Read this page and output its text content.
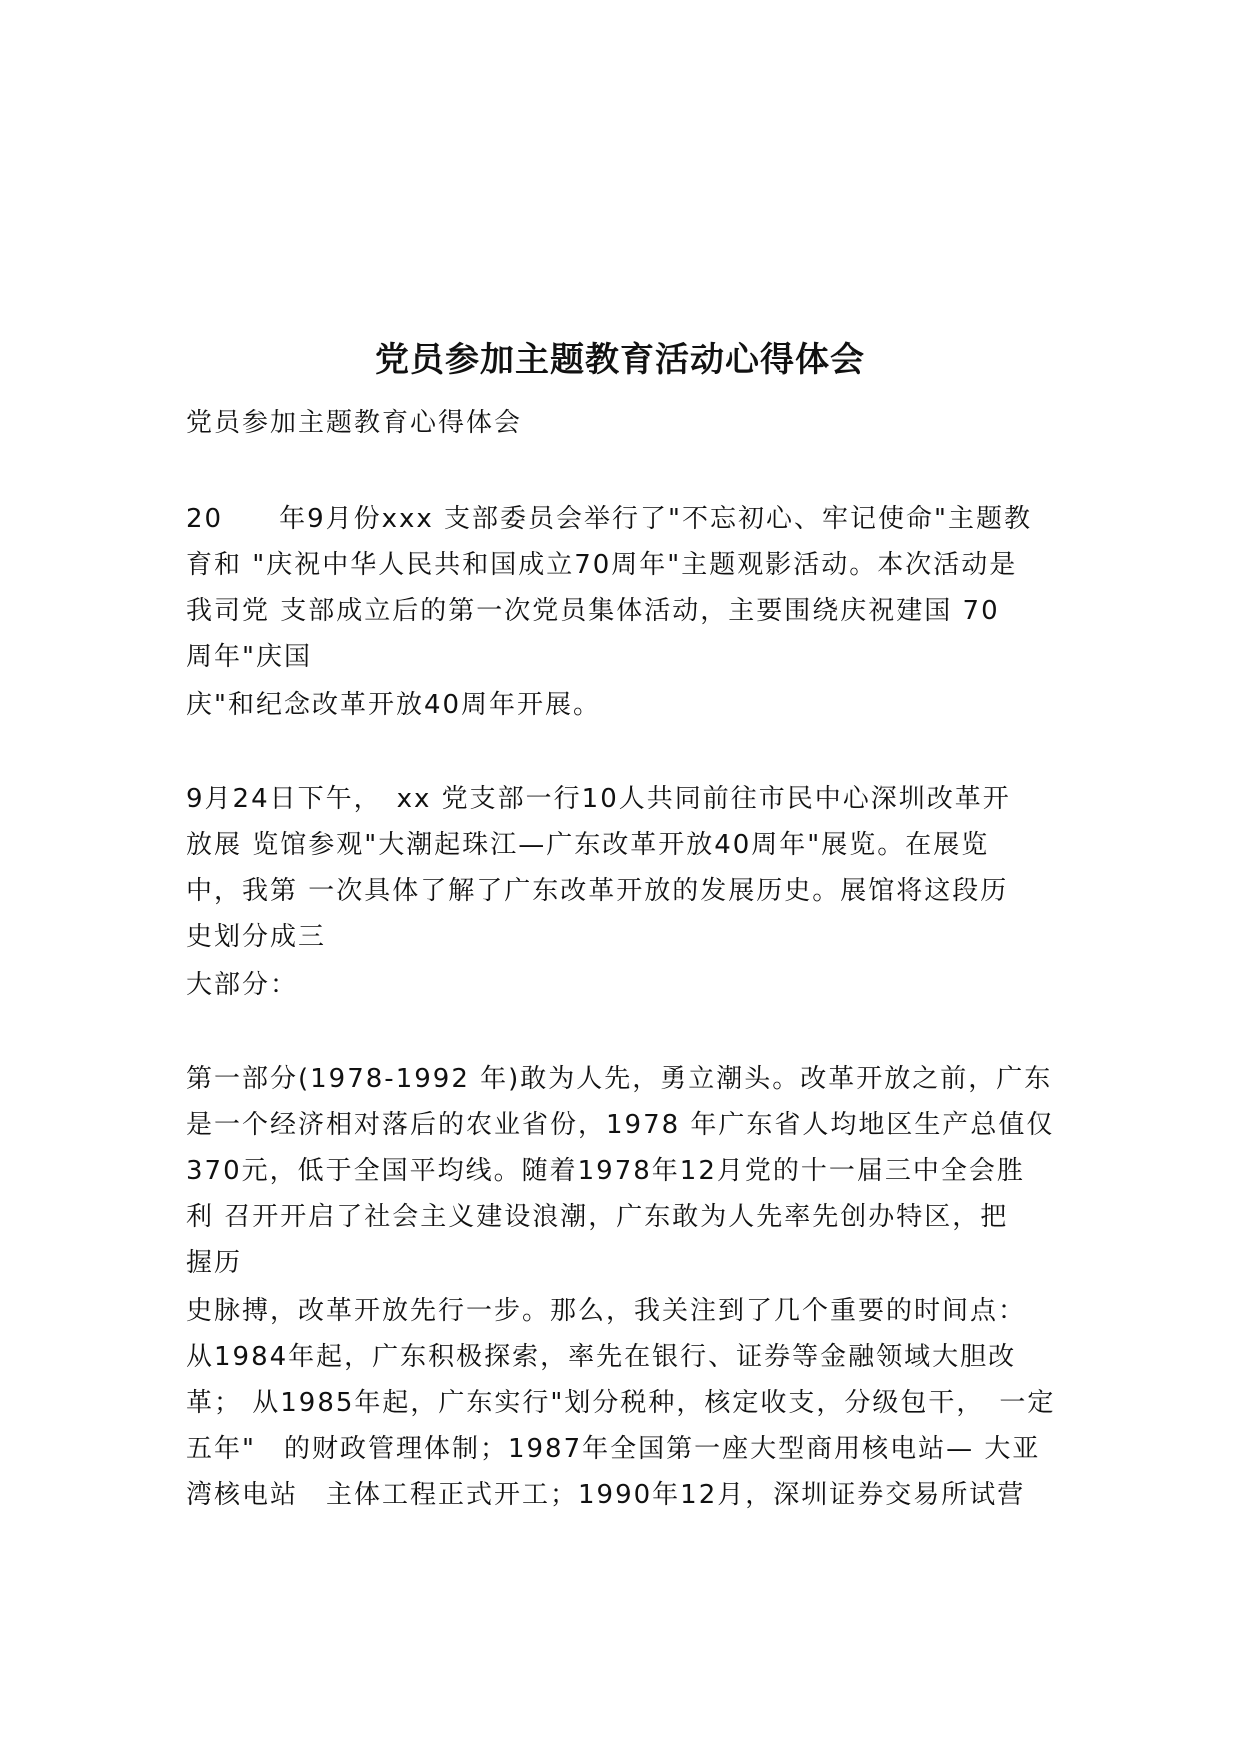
党员参加主题教育活动心得体会

党员参加主题教育心得体会

20　　年9月份xxx 支部委员会举行了"不忘初心、牢记使命"主题教
育和 "庆祝中华人民共和国成立70周年"主题观影活动。本次活动是
我司党 支部成立后的第一次党员集体活动，主要围绕庆祝建国 70
周年"庆国

庆"和纪念改革开放40周年开展。

9月24日下午，　xx 党支部一行10人共同前往市民中心深圳改革开
放展 览馆参观"大潮起珠江—广东改革开放40周年"展览。在展览
中，我第 一次具体了解了广东改革开放的发展历史。展馆将这段历
史划分成三

大部分：

第一部分(1978-1992 年)敢为人先，勇立潮头。改革开放之前，广东
是一个经济相对落后的农业省份，1978 年广东省人均地区生产总值仅
370元，低于全国平均线。随着1978年12月党的十一届三中全会胜
利 召开开启了社会主义建设浪潮，广东敢为人先率先创办特区，把
握历

史脉搏，改革开放先行一步。那么，我关注到了几个重要的时间点：
从1984年起，广东积极探索，率先在银行、证券等金融领域大胆改
革； 从1985年起，广东实行"划分税种，核定收支，分级包干，　一定
五年"　的财政管理体制；1987年全国第一座大型商用核电站— 大亚
湾核电站　主体工程正式开工；1990年12月，深圳证券交易所试营
